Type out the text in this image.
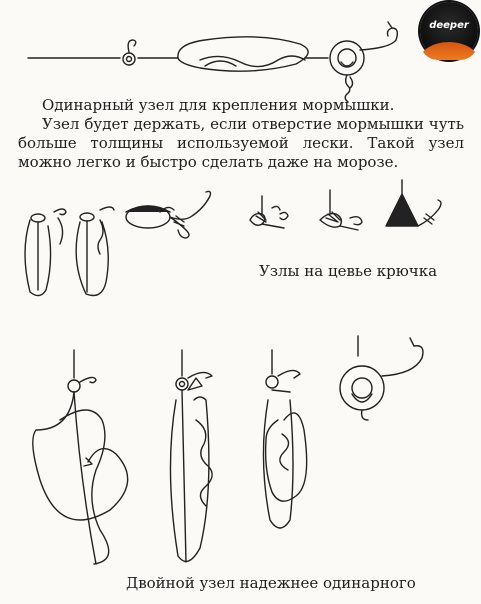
deeper

Одинарный узел для крепления мормышки.

Узел будет держать, если отверстие мормышки чуть больше толщины используемой лески. Такой узел можно легко и быстро сделать даже на морозе.

Узлы на цевье крючка

Двойной узел надежнее одинарного
